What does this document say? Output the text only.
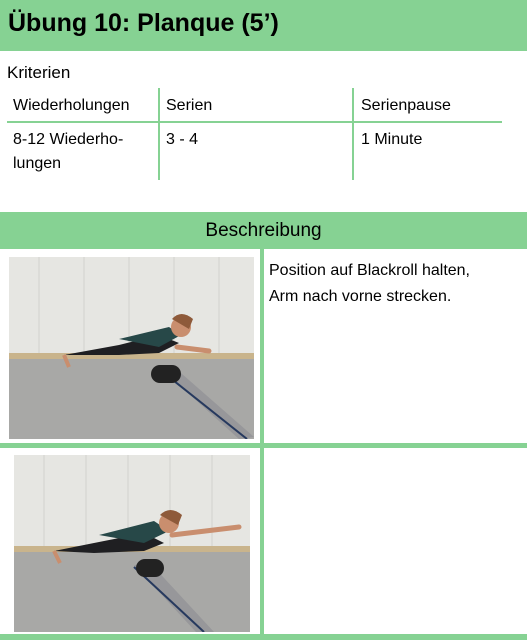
Übung 10: Planque (5’)
Kriterien
Wiederholungen Serien	Serienpause
8-12 Wiederho-
lungen
3 - 4	1 Minute
Beschreibung
Position auf Blackroll halten,
Arm nach vorne strecken.
